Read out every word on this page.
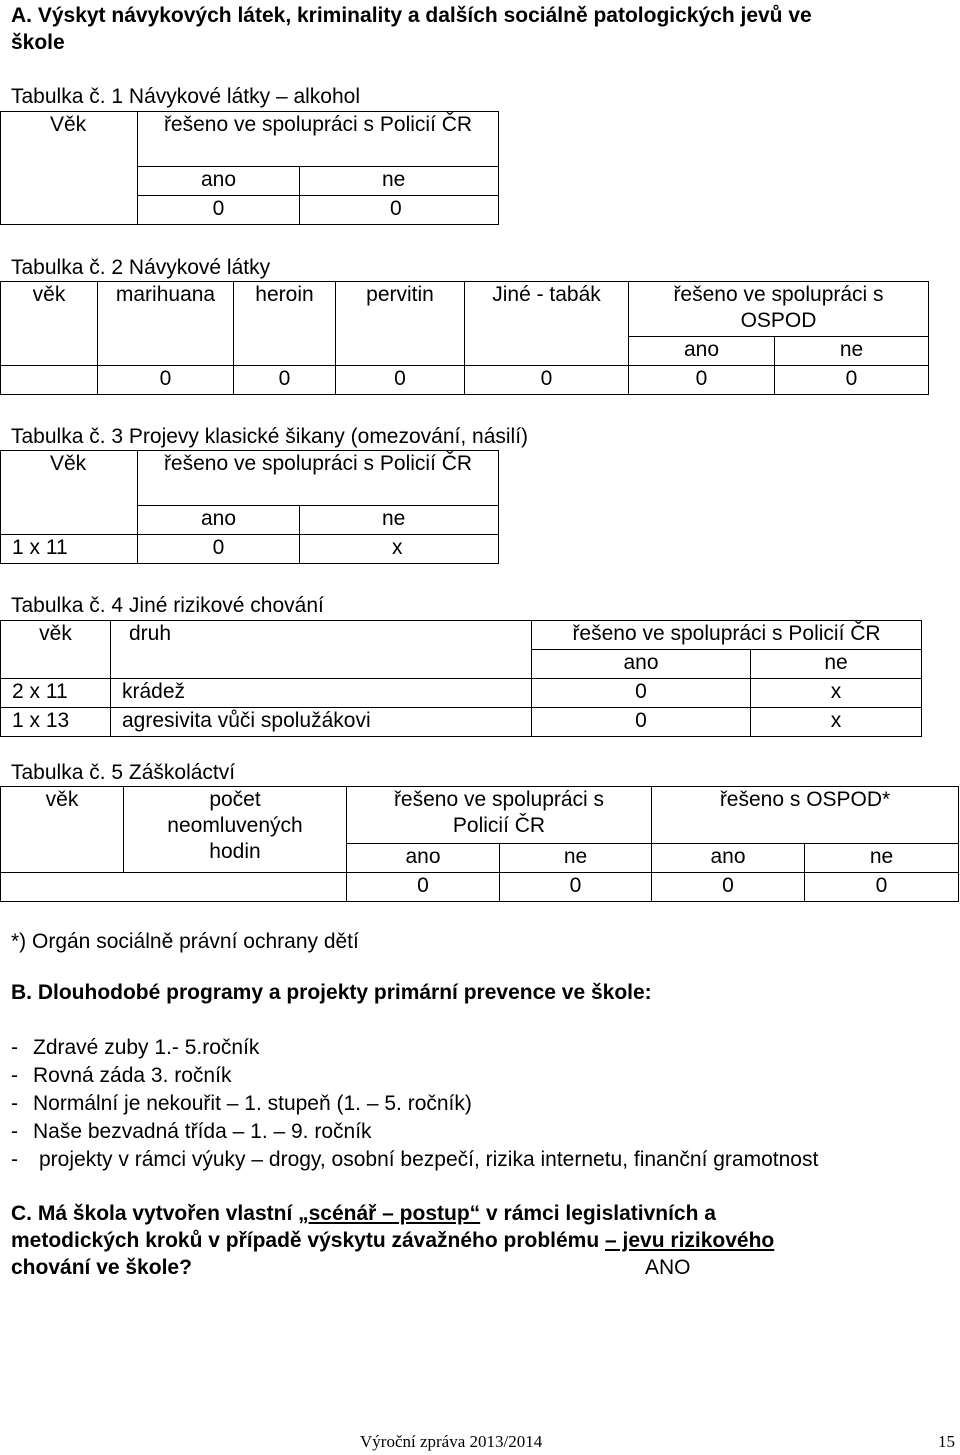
A. Výskyt návykových látek, kriminality a dalších sociálně patologických jevů ve
škole
Tabulka č. 1 Návykové látky – alkohol
Věk	řešeno ve spolupráci s Policií ČR	
	ano	ne
	0	0
Tabulka č. 2 Návykové látky
věk	marihuana	heroin	pervitin	Jiné - tabák	řešeno ve spolupráci s OSPOD	
					ano	ne
	0	0	0	0	0	0
Tabulka č. 3 Projevy klasické šikany (omezování, násilí)
Věk	řešeno ve spolupráci s Policií ČR	
	ano	ne
1 x 11	0	x
Tabulka č. 4 Jiné rizikové chování
věk	druh	řešeno ve spolupráci s Policií ČR	
		ano	ne
2 x 11	krádež	0	x
1 x 13	agresivita vůči spolužákovi	0	x
Tabulka č. 5 Záškoláctví
věk	počet neomluvených hodin	řešeno ve spolupráci s Policií ČR		řešeno s OSPOD*	
		ano	ne	ano	ne
		0	0	0	0
*) Orgán sociálně právní ochrany dětí
B. Dlouhodobé programy a projekty primární prevence ve škole:
- Zdravé zuby 1.- 5.ročník
- Rovná záda 3. ročník
- Normální je nekouřit – 1. stupeň (1. – 5. ročník)
- Naše bezvadná třída – 1. – 9. ročník
- projekty v rámci výuky – drogy, osobní bezpečí, rizika internetu, finanční gramotnost
C. Má škola vytvořen vlastní „scénář – postup“ v rámci legislativních a
metodických kroků v případě výskytu závažného problému – jevu rizikového
chování ve škole?	ANO
Výroční zpráva 2013/2014	15
